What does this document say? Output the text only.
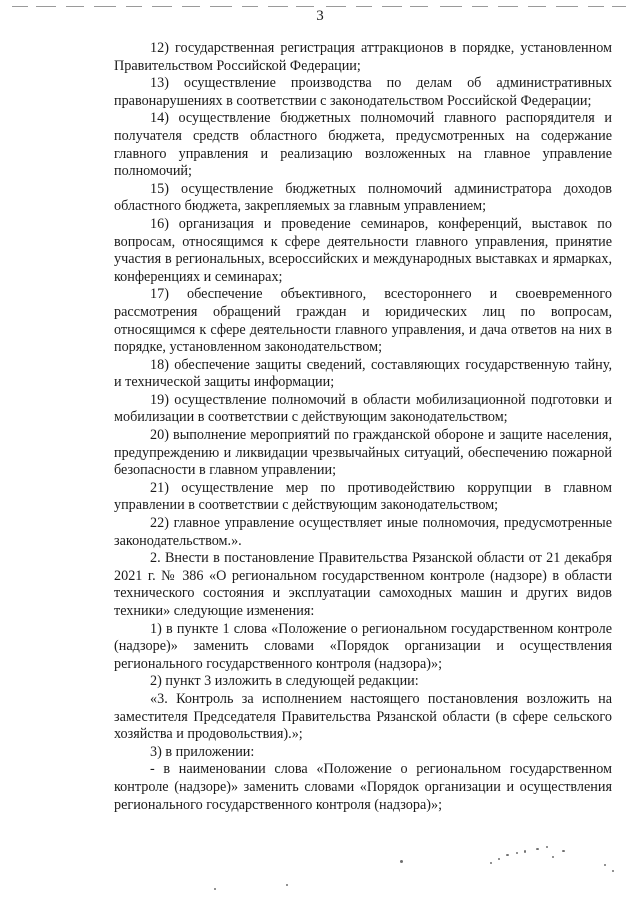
3

12) государственная регистрация аттракционов в порядке, установленном Правительством Российской Федерации;

13) осуществление производства по делам об административных правонарушениях в соответствии с законодательством Российской Федерации;

14) осуществление бюджетных полномочий главного распорядителя и получателя средств областного бюджета, предусмотренных на содержание главного управления и реализацию возложенных на главное управление полномочий;

15) осуществление бюджетных полномочий администратора доходов областного бюджета, закрепляемых за главным управлением;

16) организация и проведение семинаров, конференций, выставок по вопросам, относящимся к сфере деятельности главного управления, принятие участия в региональных, всероссийских и международных выставках и ярмарках, конференциях и семинарах;

17) обеспечение объективного, всестороннего и своевременного рассмотрения обращений граждан и юридических лиц по вопросам, относящимся к сфере деятельности главного управления, и дача ответов на них в порядке, установленном законодательством;

18) обеспечение защиты сведений, составляющих государственную тайну, и технической защиты информации;

19) осуществление полномочий в области мобилизационной подготовки и мобилизации в соответствии с действующим законодательством;

20) выполнение мероприятий по гражданской обороне и защите населения, предупреждению и ликвидации чрезвычайных ситуаций, обеспечению пожарной безопасности в главном управлении;

21) осуществление мер по противодействию коррупции в главном управлении в соответствии с действующим законодательством;

22) главное управление осуществляет иные полномочия, предусмотренные законодательством.».

2. Внести в постановление Правительства Рязанской области от 21 декабря 2021 г. № 386 «О региональном государственном контроле (надзоре) в области технического состояния и эксплуатации самоходных машин и других видов техники» следующие изменения:

1) в пункте 1 слова «Положение о региональном государственном контроле (надзоре)» заменить словами «Порядок организации и осуществления регионального государственного контроля (надзора)»;

2) пункт 3 изложить в следующей редакции:

«3. Контроль за исполнением настоящего постановления возложить на заместителя Председателя Правительства Рязанской области (в сфере сельского хозяйства и продовольствия).»;

3) в приложении:

- в наименовании слова «Положение о региональном государственном контроле (надзоре)» заменить словами «Порядок организации и осуществления регионального государственного контроля (надзора)»;
